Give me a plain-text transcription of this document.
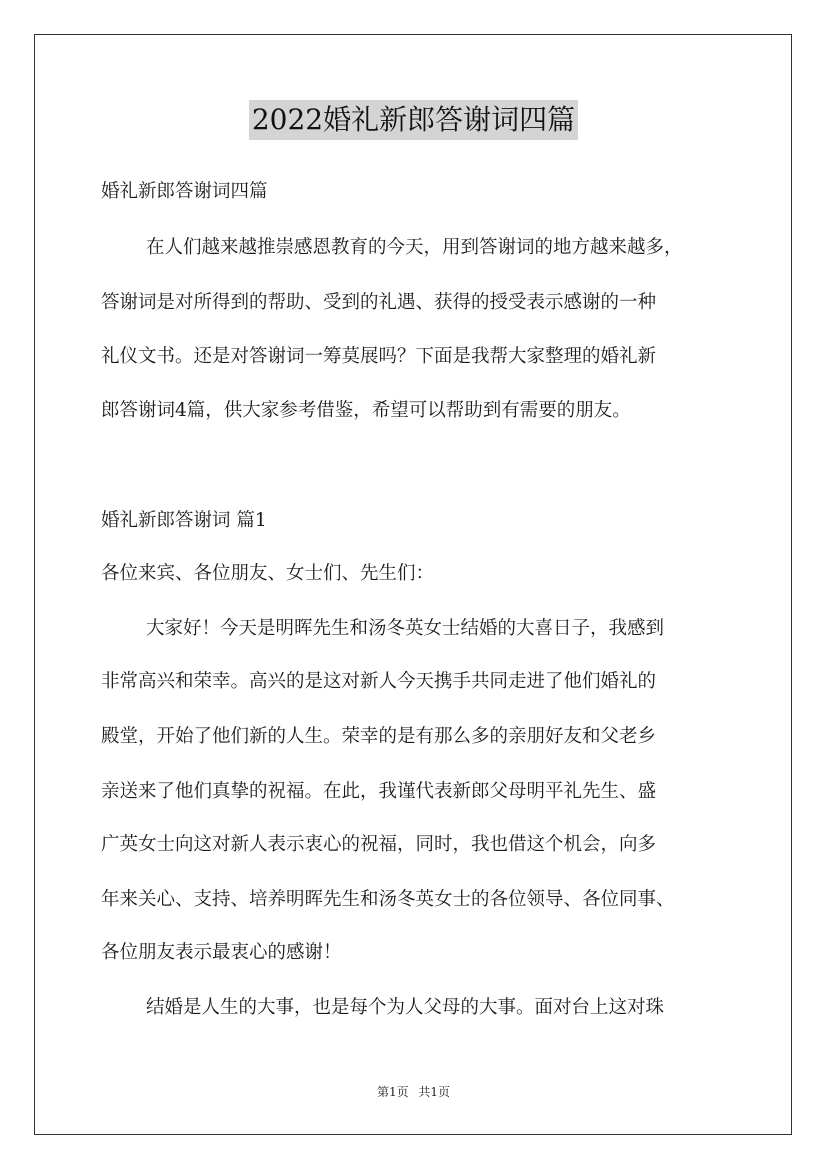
2022婚礼新郎答谢词四篇
婚礼新郎答谢词四篇
在人们越来越推崇感恩教育的今天，用到答谢词的地方越来越多，
答谢词是对所得到的帮助、受到的礼遇、获得的授受表示感谢的一种
礼仪文书。还是对答谢词一筹莫展吗？下面是我帮大家整理的婚礼新
郎答谢词4篇，供大家参考借鉴，希望可以帮助到有需要的朋友。
婚礼新郎答谢词 篇1
各位来宾、各位朋友、女士们、先生们：
大家好！今天是明晖先生和汤冬英女士结婚的大喜日子，我感到
非常高兴和荣幸。高兴的是这对新人今天携手共同走进了他们婚礼的
殿堂，开始了他们新的人生。荣幸的是有那么多的亲朋好友和父老乡
亲送来了他们真挚的祝福。在此，我谨代表新郎父母明平礼先生、盛
广英女士向这对新人表示衷心的祝福，同时，我也借这个机会，向多
年来关心、支持、培养明晖先生和汤冬英女士的各位领导、各位同事、
各位朋友表示最衷心的感谢！
结婚是人生的大事，也是每个为人父母的大事。面对台上这对珠
第1页 共1页
